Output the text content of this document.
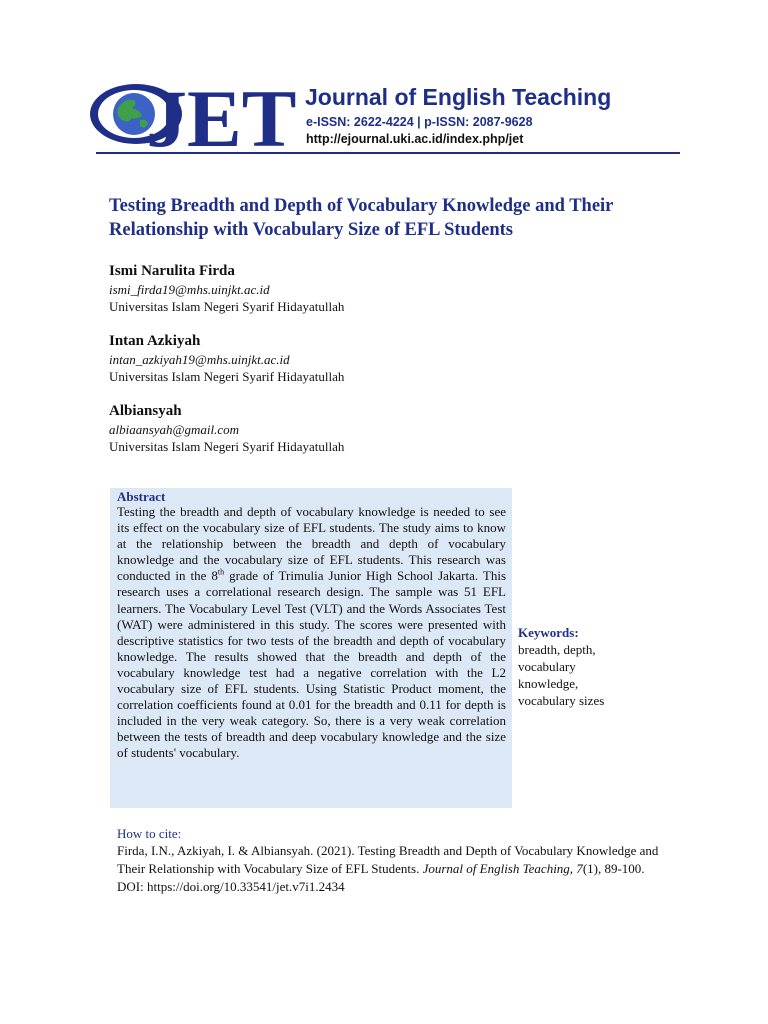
JET Journal of English Teaching
e-ISSN: 2622-4224 | p-ISSN: 2087-9628
http://ejournal.uki.ac.id/index.php/jet
Testing Breadth and Depth of Vocabulary Knowledge and Their Relationship with Vocabulary Size of EFL Students
Ismi Narulita Firda
ismi_firda19@mhs.uinjkt.ac.id
Universitas Islam Negeri Syarif Hidayatullah
Intan Azkiyah
intan_azkiyah19@mhs.uinjkt.ac.id
Universitas Islam Negeri Syarif Hidayatullah
Albiansyah
albiaansyah@gmail.com
Universitas Islam Negeri Syarif Hidayatullah
Abstract

Testing the breadth and depth of vocabulary knowledge is needed to see its effect on the vocabulary size of EFL students. The study aims to know at the relationship between the breadth and depth of vocabulary knowledge and the vocabulary size of EFL students. This research was conducted in the 8th grade of Trimulia Junior High School Jakarta. This research uses a correlational research design. The sample was 51 EFL learners. The Vocabulary Level Test (VLT) and the Words Associates Test (WAT) were administered in this study. The scores were presented with descriptive statistics for two tests of the breadth and depth of vocabulary knowledge. The results showed that the breadth and depth of the vocabulary knowledge test had a negative correlation with the L2 vocabulary size of EFL students. Using Statistic Product moment, the correlation coefficients found at 0.01 for the breadth and 0.11 for depth is included in the very weak category. So, there is a very weak correlation between the tests of breadth and deep vocabulary knowledge and the size of students' vocabulary.

Keywords:
breadth, depth,
vocabulary
knowledge,
vocabulary sizes
How to cite:

Firda, I.N., Azkiyah, I. & Albiansyah. (2021). Testing Breadth and Depth of Vocabulary Knowledge and Their Relationship with Vocabulary Size of EFL Students. Journal of English Teaching, 7(1), 89-100. DOI: https://doi.org/10.33541/jet.v7i1.2434
